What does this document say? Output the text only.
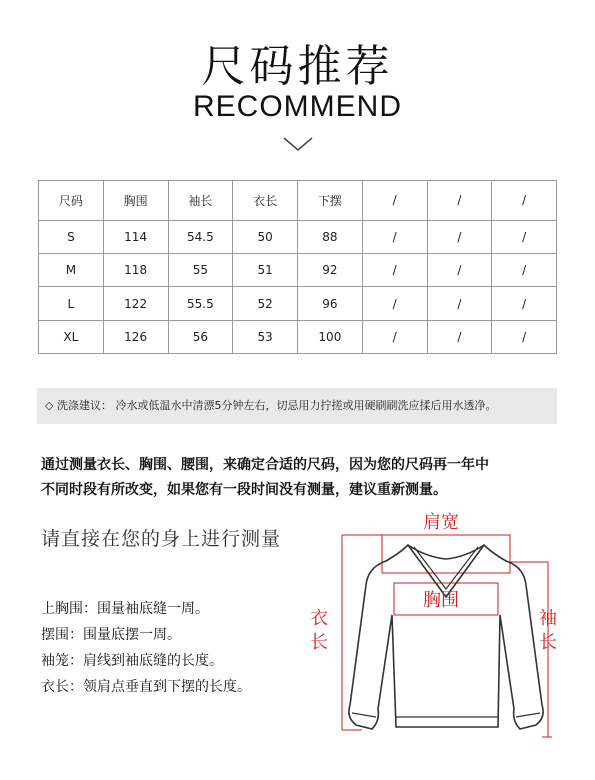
尺码推荐
RECOMMEND
尺码	胸围	袖长	衣长	下摆	/	/	/
S	114	54.5	50	88	/	/	/
M	118	55	51	92	/	/	/
L	122	55.5	52	96	/	/	/
XL	126	56	53	100	/	/	/
◇ 洗涤建议： 冷水或低温水中清漂5分钟左右，切忌用力拧搓或用硬刷刷洗应揉后用水透净。
通过测量衣长、胸围、腰围，来确定合适的尺码，因为您的尺码再一年中
不同时段有所改变，如果您有一段时间没有测量，建议重新测量。
请直接在您的身上进行测量
上胸围：围量袖底缝一周。
摆围：围量底摆一周。
袖笼：肩线到袖底缝的长度。
衣长：领肩点垂直到下摆的长度。
肩宽
胸围
衣
长
袖
长
